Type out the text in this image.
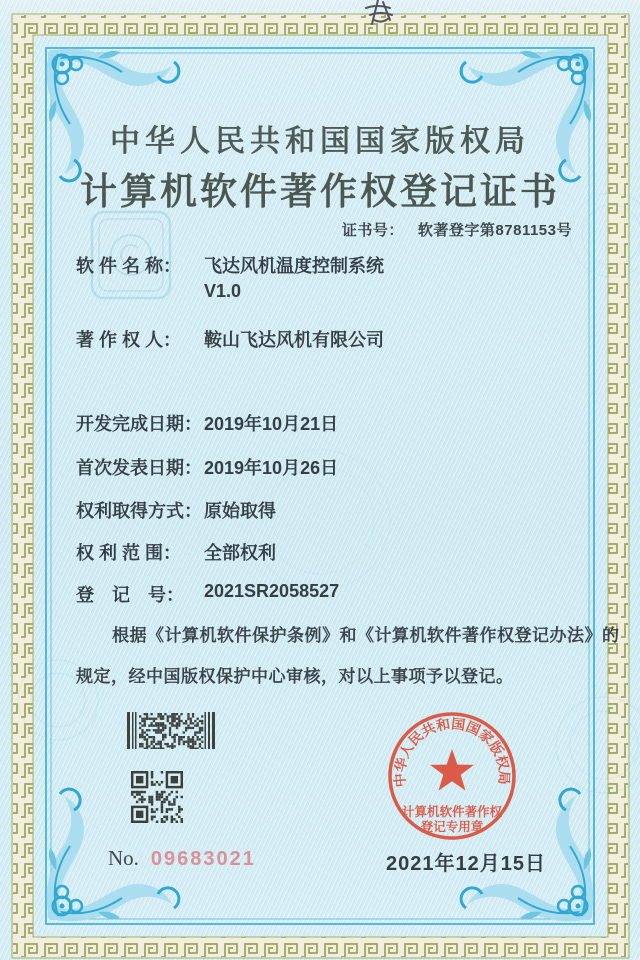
中华人民共和国国家版权局
计算机软件著作权登记证书
证书号： 软著登字第8781153号
软 件 名 称： 飞达风机温度控制系统
V1.0
著 作 权 人： 鞍山飞达风机有限公司
开发完成日期： 2019年10月21日
首次发表日期： 2019年10月26日
权利取得方式： 原始取得
权 利 范 围： 全部权利
登　记　号： 2021SR2058527
根据《计算机软件保护条例》和《计算机软件著作权登记办法》的
规定，经中国版权保护中心审核，对以上事项予以登记。
No. 09683021	2021年12月15日
中华人民共和国国家版权局
计算机软件著作权
登记专用章
